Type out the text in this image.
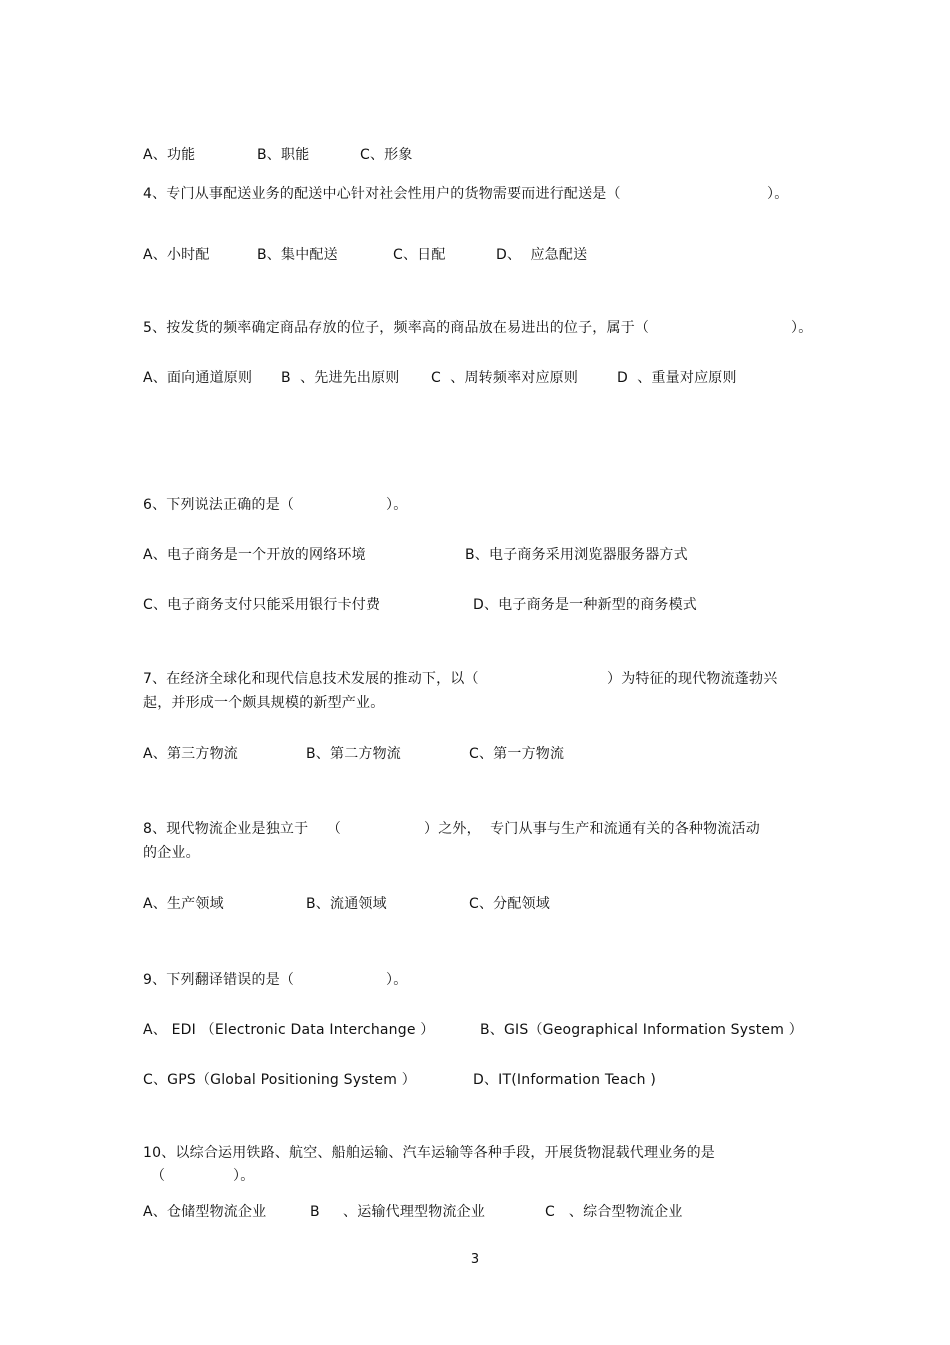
A、功能

	B、职能

	C、形象

4、专门从事配送业务的配送中心针对社会性用户的货物需要而进行配送是（

	）。

A、小时配

	B、集中配送

	C、日配

	D、  应急配送

5、按发货的频率确定商品存放的位子，频率高的商品放在易进出的位子，属于（

	）。

A、面向通道原则

B  、先进先出原则

C  、周转频率对应原则

	D  、重量对应原则

6、下列说法正确的是（

	）。

A、电子商务是一个开放的网络环境

	B、电子商务采用浏览器服务器方式

C、电子商务支付只能采用银行卡付费

	D、电子商务是一种新型的商务模式

7、在经济全球化和现代信息技术发展的推动下，以（

	）为特征的现代物流蓬勃兴

起，并形成一个颇具规模的新型产业。

A、第三方物流

	B、第二方物流

	C、第一方物流

8、现代物流企业是独立于    （

	）之外，  专门从事与生产和流通有关的各种物流活动

的企业。

A、生产领域

	B、流通领域

	C、分配领域

9、下列翻译错误的是（

	）。

A、 EDI （Electronic Data Interchange ）

	B、GIS（Geographical Information System ）

C、GPS（Global Positioning System ）

	D、IT(Information Teach )

10、以综合运用铁路、航空、船舶运输、汽车运输等各种手段，开展货物混载代理业务的是

（

	）。

A、仓储型物流企业

	B     、运输代理型物流企业

	C   、综合型物流企业

3
